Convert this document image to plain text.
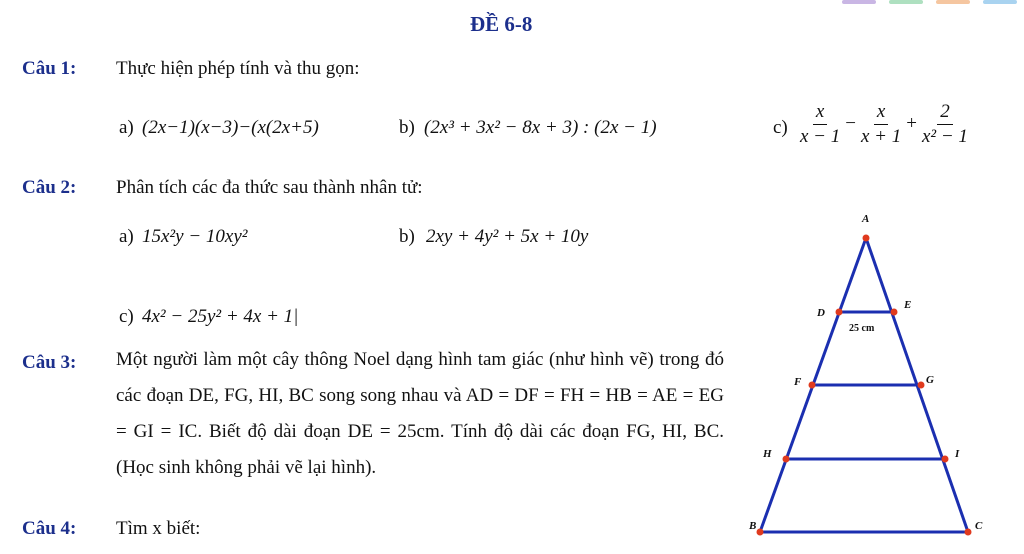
ĐỀ 6-8
Câu 1: Thực hiện phép tính và thu gọn:
a) (2x−1)(x−3)−(x(2x+5)	b) (2x³ + 3x² − 8x + 3) : (2x − 1)	$c) \frac{x}{x - 1} - \frac{x}{x + 1} + \frac{2}{\text{x² − 1}}$
Câu 2: Phân tích các đa thức sau thành nhân tử:
a) 15x²y − 10xy²	b) 2xy + 4y² + 5x + 10y
c) 4x² − 25y² + 4x + 1|
Câu 3: Một người làm một cây thông Noel dạng hình tam giác (như hình vẽ) trong đó các đoạn DE, FG, HI, BC song song nhau và AD = DF = FH = HB = AE = EG = GI = IC. Biết độ dài đoạn DE = 25cm. Tính độ dài các đoạn FG, HI, BC. (Học sinh không phải vẽ lại hình).
Câu 4: Tìm x biết:
A
D
E
F	G
H	I
B	C
25 cm
